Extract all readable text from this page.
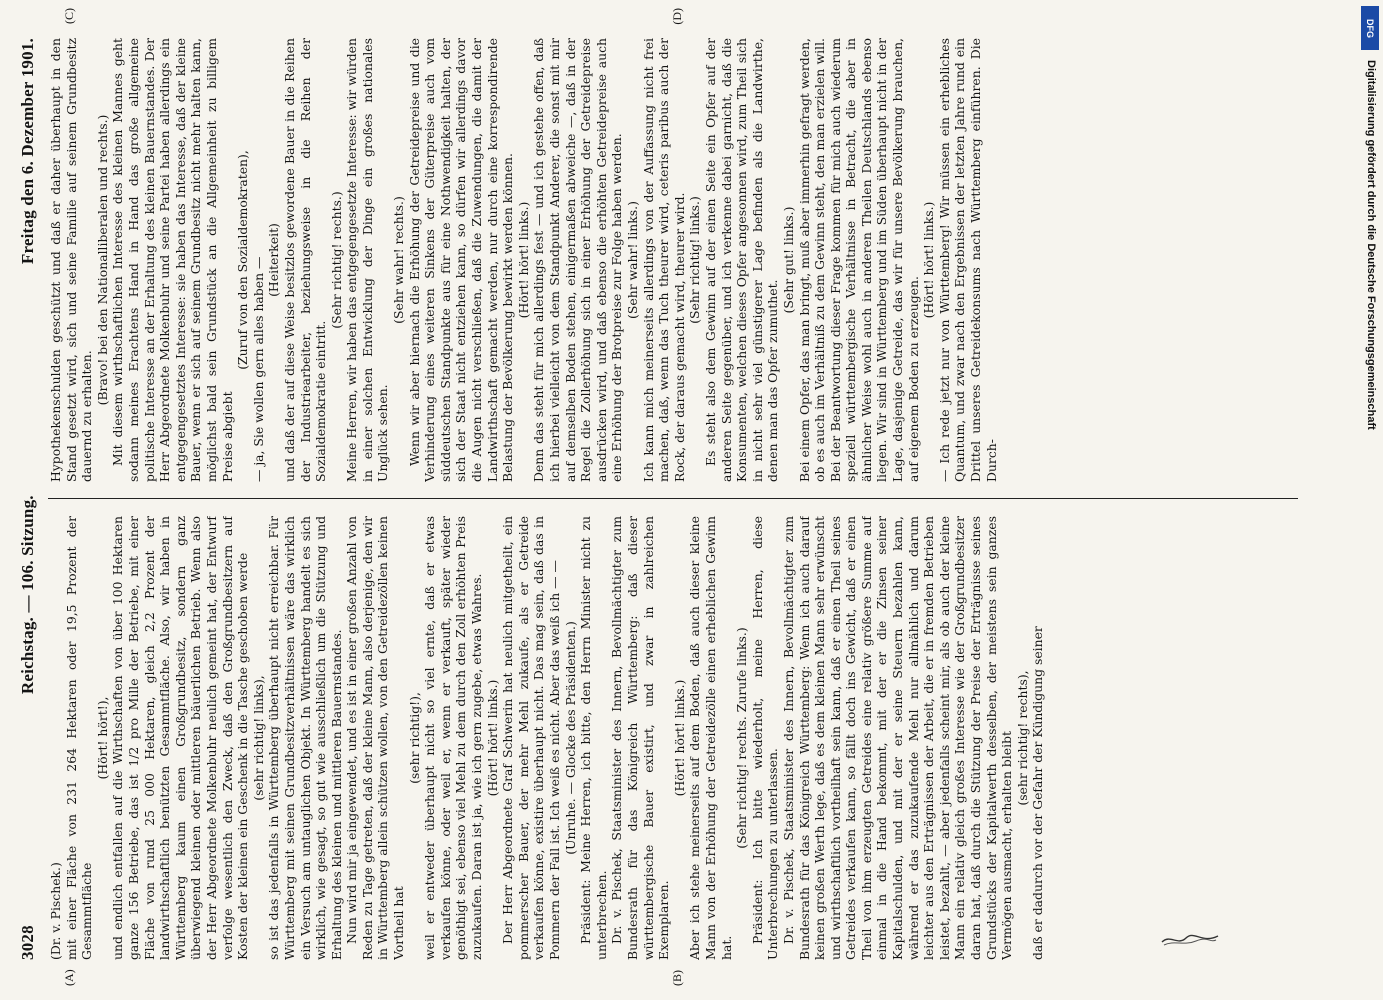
DFG
Digitalisierung gefördert durch die Deutsche Forschungsgemeinschaft
3028
Reichstag. — 106. Sitzung.
Freitag den 6. Dezember 1901.

(Dr. v. Pischek.) mit einer Fläche von 231 264 Hektaren oder 19,5 Prozent der Gesammtfläche

(Hört! hört!), und endlich entfallen auf die Wirthschaften von über 100 Hektaren ganze 156 Betriebe, das ist 1/2 pro Mille der Betriebe, mit einer Fläche von rund 25 000 Hektaren, gleich 2,2 Prozent der landwirthschaftlich benützten Gesammtfläche. Also, wir haben in Württemberg kaum einen Großgrundbesitz, sondern ganz überwiegend kleinen oder mittleren bäuerlichen Betrieb. Wenn also der Herr Abgeordnete Molkenbuhr neulich gemeint hat, der Entwurf verfolge wesentlich den Zweck, daß den Großgrundbesitzern auf Kosten der kleinen ein Geschenk in die Tasche geschoben werde (sehr richtig! links), so ist das jedenfalls in Württemberg überhaupt nicht erreichbar. Für Württemberg mit seinen Grundbesitzverhältnissen wäre das wirklich ein Versuch am untauglichen Objekt. In Württemberg handelt es sich wirklich, wie gesagt, so gut wie ausschließlich um die Stützung und Erhaltung des kleinen und mittleren Bauernstandes. Nun wird mir ja eingewendet, und es ist in einer großen Anzahl von Reden zu Tage getreten, daß der kleine Mann, also derjenige, den wir in Württemberg allein schützen wollen, von den Getreidezöllen keinen Vortheil hat

(sehr richtig!), weil er entweder überhaupt nicht so viel ernte, daß er etwas verkaufen könne, oder weil er, wenn er verkauft, später wieder genöthigt sei, ebenso viel Mehl zu dem durch den Zoll erhöhten Preis zuzukaufen. Daran ist ja, wie ich gern zugebe, etwas Wahres. (Hört! hört! links.) Der Herr Abgeordnete Graf Schwerin hat neulich mitgetheilt, ein pommerscher Bauer, der mehr Mehl zukaufe, als er Getreide verkaufen könne, existire überhaupt nicht. Das mag sein, daß das in Pommern der Fall ist. Ich weiß es nicht. Aber das weiß ich — — (Unruhe. — Glocke des Präsidenten.) Präsident: Meine Herren, ich bitte, den Herrn Minister nicht zu unterbrechen. Dr. v. Pischek, Staatsminister des Innern, Bevollmächtigter zum Bundesrath für das Königreich Württemberg: daß dieser württembergische Bauer existirt, und zwar in zahlreichen Exemplaren.

(Hört! hört! links.) Aber ich stehe meinerseits auf dem Boden, daß auch dieser kleine Mann von der Erhöhung der Getreidezölle einen erheblichen Gewinn hat.

(Sehr richtig! rechts. Zurufe links.) Präsident: Ich bitte wiederholt, meine Herren, diese Unterbrechungen zu unterlassen. Dr. v. Pischek, Staatsminister des Innern, Bevollmächtigter zum Bundesrath für das Königreich Württemberg: Wenn ich auch darauf keinen großen Werth lege, daß es dem kleinen Mann sehr erwünscht und wirthschaftlich vortheilhaft sein kann, daß er einen Theil seines Getreides verkaufen kann, so fällt doch ins Gewicht, daß er einen Theil von ihm erzeugten Getreides eine relativ größere Summe auf einmal in die Hand bekommt, mit der er die Zinsen seiner Kapitalschulden, und mit der er seine Steuern bezahlen kann, während er das zuzukaufende Mehl nur allmählich und darum leichter aus den Erträgnissen der Arbeit, die er in fremden Betrieben leistet, bezahlt, — aber jedenfalls scheint mir, als ob auch der kleine Mann ein relativ gleich großes Interesse wie der Großgrundbesitzer daran hat, daß durch die Stützung der Preise der Erträgnisse seines Grundstücks der Kapitalwerth desselben, der meistens sein ganzes Vermögen ausmacht, erhalten bleibt (sehr richtig! rechts), daß er dadurch vor der Gefahr der Kündigung seiner

Hypothekenschulden geschützt und daß er daher überhaupt in den Stand gesetzt wird, sich und seine Familie auf seinem Grundbesitz dauernd zu erhalten.

(Bravo! bei den Nationalliberalen und rechts.) Mit diesem wirthschaftlichen Interesse des kleinen Mannes geht sodann meines Erachtens Hand in Hand das große allgemeine politische Interesse an der Erhaltung des kleinen Bauernstandes. Der Herr Abgeordnete Molkenbuhr und seine Partei haben allerdings ein entgegengesetztes Interesse: sie haben das Interesse, daß der kleine Bauer, wenn er sich auf seinem Grundbesitz nicht mehr halten kann, möglichst bald sein Grundstück an die Allgemeinheit zu billigem Preise abgiebt

(Zuruf von den Sozialdemokraten), — ja, Sie wollen gern alles haben — (Heiterkeit) und daß der auf diese Weise besitzlos gewordene Bauer in die Reihen der Industriearbeiter, beziehungsweise in die Reihen der Sozialdemokratie eintritt.

(Sehr richtig! rechts.) Meine Herren, wir haben das entgegengesetzte Interesse: wir würden in einer solchen Entwicklung der Dinge ein großes nationales Unglück sehen.

(Sehr wahr! rechts.) Wenn wir aber hiernach die Erhöhung der Getreidepreise und die Verhinderung eines weiteren Sinkens der Güterpreise auch vom süddeutschen Standpunkte aus für eine Nothwendigkeit halten, der sich der Staat nicht entziehen kann, so dürfen wir allerdings davor die Augen nicht verschließen, daß die Zuwendungen, die damit der Landwirthschaft gemacht werden, nur durch eine korrespondirende Belastung der Bevölkerung bewirkt werden können. (Hört! hört! links.) Denn das steht für mich allerdings fest — und ich gestehe offen, daß ich hierbei vielleicht von dem Standpunkt Anderer, die sonst mit mir auf demselben Boden stehen, einigermaßen abweiche —, daß in der Regel die Zollerhöhung sich in einer Erhöhung der Getreidepreise ausdrücken wird, und daß ebenso die erhöhten Getreidepreise auch eine Erhöhung der Brotpreise zur Folge haben werden. (Sehr wahr! links.) Ich kann mich meinerseits allerdings von der Auffassung nicht frei machen, daß, wenn das Tuch theurer wird, ceteris paribus auch der Rock, der daraus gemacht wird, theurer wird. (Sehr richtig! links.) Es steht also dem Gewinn auf der einen Seite ein Opfer auf der anderen Seite gegenüber, und ich verkenne dabei garnicht, daß die Konsumenten, welchen dieses Opfer angesonnen wird, zum Theil sich in nicht sehr viel günstigerer Lage befinden als die Landwirthe, denen man das Opfer zumuthet.

(Sehr gut! links.) Bei einem Opfer, das man bringt, muß aber immerhin gefragt werden, ob es auch im Verhältniß zu dem Gewinn steht, den man erzielen will. Bei der Beantwortung dieser Frage kommen für mich auch wiederum speziell württembergische Verhältnisse in Betracht, die aber in ähnlicher Weise wohl auch in anderen Theilen Deutschlands ebenso liegen. Wir sind in Württemberg und im Süden überhaupt nicht in der Lage, dasjenige Getreide, das wir für unsere Bevölkerung brauchen, auf eigenem Boden zu erzeugen.

(Hört! hört! links.) — Ich rede jetzt nur von Württemberg! Wir müssen ein erhebliches Quantum, und zwar nach den Ergebnissen der letzten Jahre rund ein Drittel unseres Getreidekonsums nach Württemberg einführen. Die Durch-

(A)	(B)
(C)	(D)
